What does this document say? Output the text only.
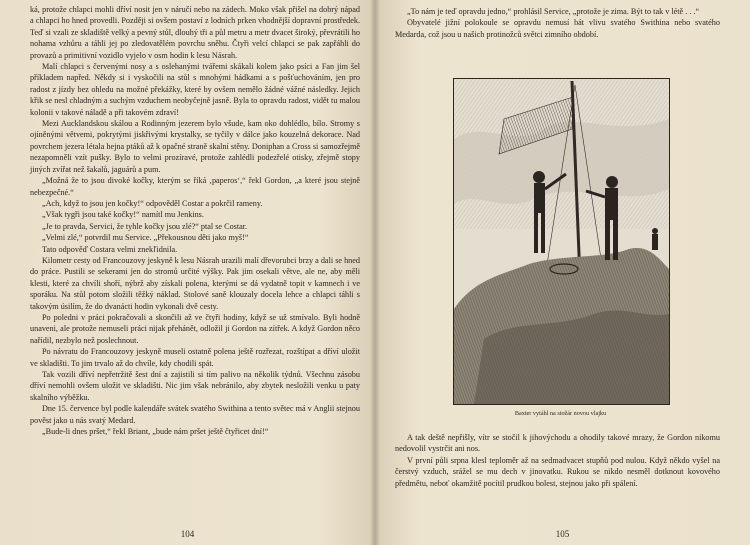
ká, protože chlapci mohli dříví nosit jen v náručí nebo na zádech. Moko však přišel na dobrý nápad a chlapci ho hned provedli. Později si ovšem postaví z lodních prken vhodnější dopravní prostředek. Teď si vzali ze skladiště velký a pevný stůl, dlouhý tři a půl metru a metr dvacet široký, převrátili ho nohama vzhůru a táhli jej po zledovatělém povrchu sněhu. Čtyři velcí chlapci se pak zapřáhli do provazů a primitivní vozidlo vyjelo v osm hodin k lesu Násrah.

Malí chlapci s červenými nosy a s oslehanými tvářemi skákali kolem jako psíci a Fan jim šel příkladem napřed. Někdy si i vyskočili na stůl s mnohými hádkami a s pošťuchováním, jen pro radost z jízdy bez ohledu na možné překážky, které by ovšem nemělo žádné vážné následky. Jejich křik se nesl chladným a suchým vzduchem neobyčejně jasně. Byla to opravdu radost, vidět tu malou kolonii v takové náladě a při takovém zdraví!

Mezi Aucklandskou skálou a Rodinným jezerem bylo všude, kam oko dohlédlo, bílo. Stromy s ojíněnými větvemi, pokrytými jiskřivými krystalky, se tyčily v dálce jako kouzelná dekorace. Nad povrchem jezera létala hejna ptáků až k opačné straně skalní stěny. Doniphan a Cross si samozřejmě nezapomněli vzít pušky. Bylo to velmi prozíravé, protože zahlédli podezřelé otisky, zřejmě stopy jiných zvířat než šakalů, jaguárů a pum.

„Možná že to jsou divoké kočky, kterým se říká ‚paperos‘,“ řekl Gordon, „a které jsou stejně nebezpečné.“

„Ach, když to jsou jen kočky!“ odpověděl Costar a pokrčil rameny.

„Však tygři jsou také kočky!“ namítl mu Jenkins.

„Je to pravda, Servici, že tyhle kočky jsou zlé?“ ptal se Costar.

„Velmi zlé,“ potvrdil mu Service. „Překousnou děti jako myš!“

Tato odpověď Costara velmi znekľidnila.

Kilometr cesty od Francouzovy jeskyně k lesu Násrah urazili malí dřevorubci brzy a dali se hned do práce. Pustili se sekerami jen do stromů určité výšky. Pak jim osekali větve, ale ne, aby měli klesti, které za chvíli shoří, nýbrž aby získali polena, kterými se dá vydatně topit v kamnech i ve sporáku. Na stůl potom složili těžký náklad. Stolové saně klouzaly docela lehce a chlapci táhli s takovým úsilím, že do dvanácti hodin vykonali dvě cesty.

Po poledni v práci pokračovali a skončili až ve čtyři hodiny, když se už stmívalo. Byli hodně unaveni, ale protože nemuseli práci nijak přehánět, odložil ji Gordon na zítřek. A když Gordon něco nařídil, nezbylo než poslechnout.

Po návratu do Francouzovy jeskyně museli ostatně polena ještě rozřezat, rozštípat a dříví uložit ve skladišti. To jim trvalo až do chvíle, kdy chodili spát.

Tak vozili dříví nepřetržitě šest dní a zajistili si tím palivo na několik týdnů. Všechnu zásobu dříví nemohli ovšem uložit ve skladišti. Nic jim však nebránilo, aby zbytek nesložili venku u paty skalního výběžku.

Dne 15. července byl podle kalendáře svátek svatého Swithina a tento světec má v Anglii stejnou pověst jako u nás svatý Medard.

„Bude-li dnes pršet,“ řekl Briant, „bude nám pršet ještě čtyřicet dní!“

104

„To nám je teď opravdu jedno,“ prohlásil Service, „protože je zima. Být to tak v létě . . .“

Obyvatelé jižní polokoule se opravdu nemusí bát vlivu svatého Swithina nebo svatého Medarda, což jsou u našich protinožců světci zimního období.

Baxter vytáhl na stožár novou vlajku

A tak deště nepřišly, vítr se stočil k jihovýchodu a ohodily takové mrazy, že Gordon nikomu nedovolil vystrčit ani nos.

V první půli srpna klesl teploměr až na sedmadvacet stupňů pod nulou. Když někdo vyšel na čerstvý vzduch, srážel se mu dech v jinovatku. Rukou se nikdo nesměl dotknout kovového předmětu, neboť okamžitě pocítil prudkou bolest, stejnou jako při spálení.

105
